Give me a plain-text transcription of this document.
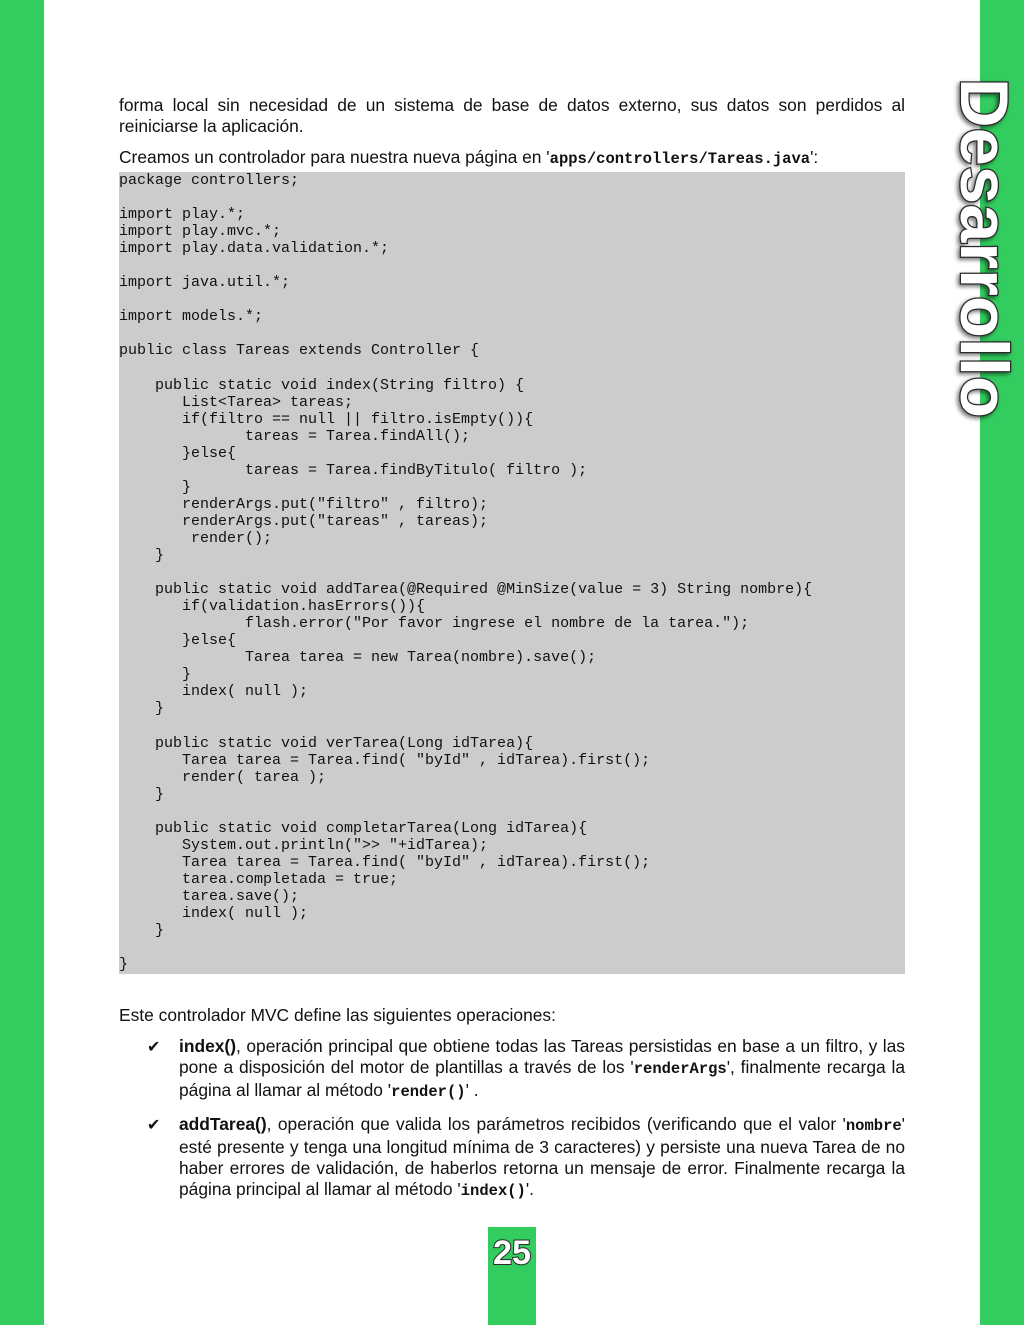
Desarrollo

forma local sin necesidad de un sistema de base de datos externo, sus datos son perdidos al reiniciarse la aplicación.

Creamos un controlador para nuestra nueva página en 'apps/controllers/Tareas.java':

package controllers;

import play.*;
import play.mvc.*;
import play.data.validation.*;

import java.util.*;

import models.*;

public class Tareas extends Controller {

public static void index(String filtro) {
List<Tarea> tareas;
if(filtro == null || filtro.isEmpty()){
tareas = Tarea.findAll();
}else{
tareas = Tarea.findByTitulo( filtro );
}
renderArgs.put("filtro" , filtro);
renderArgs.put("tareas" , tareas);
render();
}

public static void addTarea(@Required @MinSize(value = 3) String nombre){
if(validation.hasErrors()){
flash.error("Por favor ingrese el nombre de la tarea.");
}else{
Tarea tarea = new Tarea(nombre).save();
}
index( null );
}

public static void verTarea(Long idTarea){
Tarea tarea = Tarea.find( "byId" , idTarea).first();
render( tarea );
}

public static void completarTarea(Long idTarea){
System.out.println(">> "+idTarea);
Tarea tarea = Tarea.find( "byId" , idTarea).first();
tarea.completada = true;
tarea.save();
index( null );
}

}

Este controlador MVC define las siguientes operaciones:

✔ index(), operación principal que obtiene todas las Tareas persistidas en base a un filtro, y las pone a disposición del motor de plantillas a través de los 'renderArgs', finalmente recarga la página al llamar al método 'render()' .
✔ addTarea(), operación que valida los parámetros recibidos (verificando que el valor 'nombre' esté presente y tenga una longitud mínima de 3 caracteres) y persiste una nueva Tarea de no haber errores de validación, de haberlos retorna un mensaje de error. Finalmente recarga la página principal al llamar al método 'index()'.
25
